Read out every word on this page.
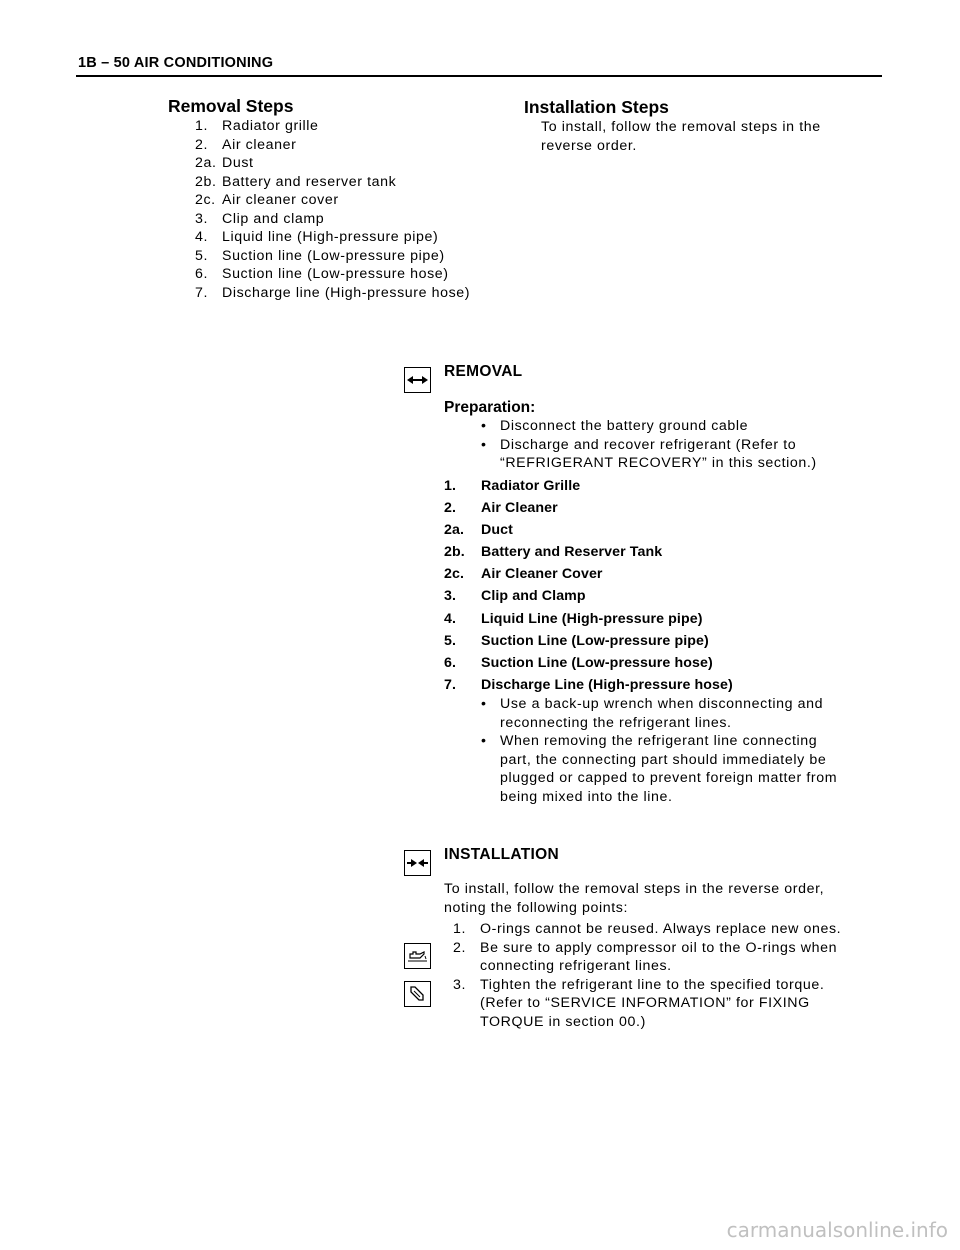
1B – 50 AIR CONDITIONING
Removal Steps
1. Radiator grille
2. Air cleaner
2a. Dust
2b. Battery and reserver tank
2c. Air cleaner cover
3. Clip and clamp
4. Liquid line (High-pressure pipe)
5. Suction line (Low-pressure pipe)
6. Suction line (Low-pressure hose)
7. Discharge line (High-pressure hose)
Installation Steps
To install, follow the removal steps in the
reverse order.
REMOVAL
Preparation:
• Disconnect the battery ground cable
• Discharge and recover refrigerant (Refer to
“REFRIGERANT RECOVERY” in this section.)
1.	Radiator Grille
2.	Air Cleaner
2a.	Duct
2b.	Battery and Reserver Tank
2c.	Air Cleaner Cover
3.	Clip and Clamp
4.	Liquid Line (High-pressure pipe)
5.	Suction Line (Low-pressure pipe)
6.	Suction Line (Low-pressure hose)
7.	Discharge Line (High-pressure hose)
• Use a back-up wrench when disconnecting and
reconnecting the refrigerant lines.
• When removing the refrigerant line connecting
part, the connecting part should immediately be
plugged or capped to prevent foreign matter from
being mixed into the line.
INSTALLATION
To install, follow the removal steps in the reverse order,
noting the following points:
1. O-rings cannot be reused. Always replace new ones.
2. Be sure to apply compressor oil to the O-rings when
connecting refrigerant lines.
3. Tighten the refrigerant line to the specified torque.
(Refer to “SERVICE INFORMATION” for FIXING
TORQUE in section 00.)
carmanualsonline.info
